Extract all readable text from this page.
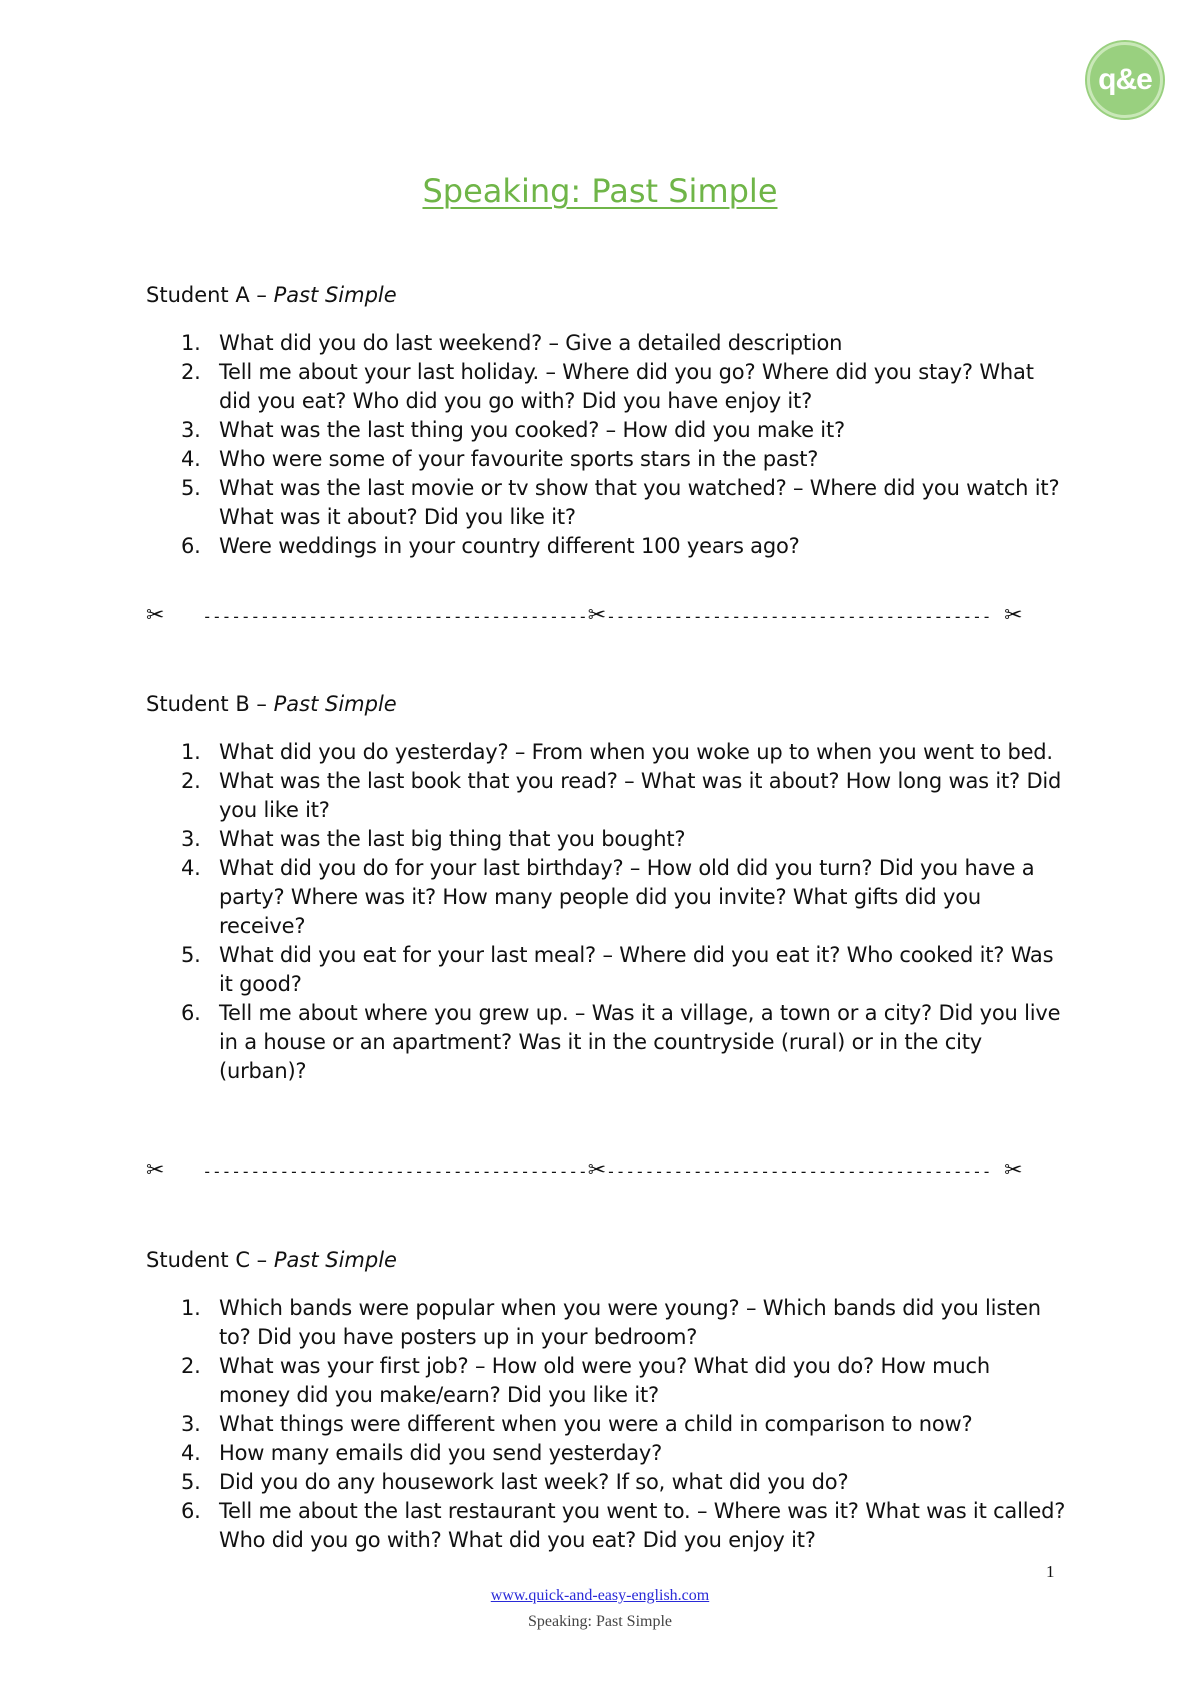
q&e
Speaking: Past Simple
Student A – Past Simple
1. What did you do last weekend? – Give a detailed description
2. Tell me about your last holiday. – Where did you go? Where did you stay? What did you eat? Who did you go with? Did you have enjoy it?
3. What was the last thing you cooked? – How did you make it?
4. Who were some of your favourite sports stars in the past?
5. What was the last movie or tv show that you watched? – Where did you watch it? What was it about? Did you like it?
6. Were weddings in your country different 100 years ago?
✂ ----------------------------------------✂---------------------------------------- ✂
Student B – Past Simple
1. What did you do yesterday? – From when you woke up to when you went to bed.
2. What was the last book that you read? – What was it about? How long was it? Did you like it?
3. What was the last big thing that you bought?
4. What did you do for your last birthday? – How old did you turn? Did you have a party? Where was it? How many people did you invite? What gifts did you receive?
5. What did you eat for your last meal? – Where did you eat it? Who cooked it? Was it good?
6. Tell me about where you grew up. – Was it a village, a town or a city? Did you live in a house or an apartment? Was it in the countryside (rural) or in the city (urban)?
✂ ----------------------------------------✂---------------------------------------- ✂
Student C – Past Simple
1. Which bands were popular when you were young? – Which bands did you listen to? Did you have posters up in your bedroom?
2. What was your first job? – How old were you? What did you do? How much money did you make/earn? Did you like it?
3. What things were different when you were a child in comparison to now?
4. How many emails did you send yesterday?
5. Did you do any housework last week? If so, what did you do?
6. Tell me about the last restaurant you went to. – Where was it? What was it called? Who did you go with? What did you eat? Did you enjoy it?
1
www.quick-and-easy-english.com
Speaking: Past Simple
